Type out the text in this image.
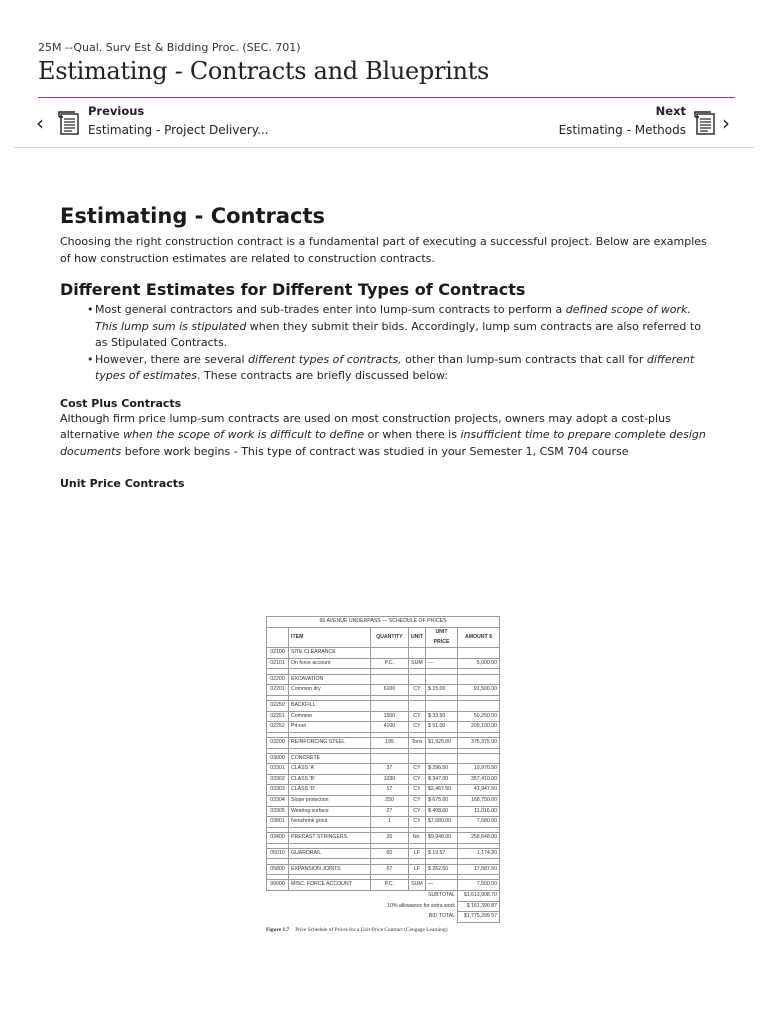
25M --Qual. Surv Est & Bidding Proc. (SEC. 701)
Estimating - Contracts and Blueprints
‹	Previous
Estimating - Project Delivery...	›
Next
Estimating - Methods
Estimating - Contracts

Choosing the right construction contract is a fundamental part of executing a successful project. Below are examples of how construction estimates are related to construction contracts.

Different Estimates for Different Types of Contracts
• Most general contractors and sub-trades enter into lump-sum contracts to perform a defined scope of work. This lump sum is stipulated when they submit their bids. Accordingly, lump sum contracts are also referred to as Stipulated Contracts.
• However, there are several different types of contracts, other than lump-sum contracts that call for different types of estimates. These contracts are briefly discussed below:
Cost Plus Contracts

Although firm price lump-sum contracts are used on most construction projects, owners may adopt a cost-plus alternative when the scope of work is difficult to define or when there is insufficient time to prepare complete design documents before work begins - This type of contract was studied in your Semester 1, CSM 704 course

Unit Price Contracts
66 AVENUE UNDERPASS — SCHEDULE OF PRICES					
	ITEM	QUANTITY	UNIT	UNIT PRICE	AMOUNT $
02100	SITE CLEARANCE				
02101	On force account	P.C.	SUM	—	5,000.00

02200	EXCAVATION				
02201	Common dry	6100	CY	$ 15.00	91,500.00

02250	BACKFILL				
02251	Common	1500	CY	$ 33.50	50,250.00
02252	Pit-run	4100	CY	$ 51.00	209,100.00

03200	REINFORCING STEEL	195	Tons	$1,925.00	375,375.00

03000	CONCRETE				
03301	CLASS 'A'	37	CY	$ 296.50	10,970.50
03302	CLASS 'B'	1030	CY	$ 347.00	357,410.00
03303	CLASS 'D'	17	CY	$2,467.50	41,947.50
03304	Slope protection	250	CY	$ 675.00	168,750.00
03305	Wearing surface	27	CY	$ 408.00	11,016.00
03801	Nonshrink grout	1	CY	$7,680.00	7,680.00

03400	PRECAST STRINGERS	26	No.	$9,948.00	258,648.00

05010	GUARDRAIL	60	LF	$ 19.57	1,174.20

05800	EXPANSION JOINTS	67	LF	$ 262.50	17,587.50

99000	MISC. FORCE ACCOUNT	P.C.	SUM	—	7,500.00
		SUBTOTAL			$1,613,908.70
		10% allowance for extra work			$ 161,390.87
		BID TOTAL			$1,775,299.57
Figure 1.7 Price Schedule of Prices for a Unit-Price Contract (Cengage Learning)
